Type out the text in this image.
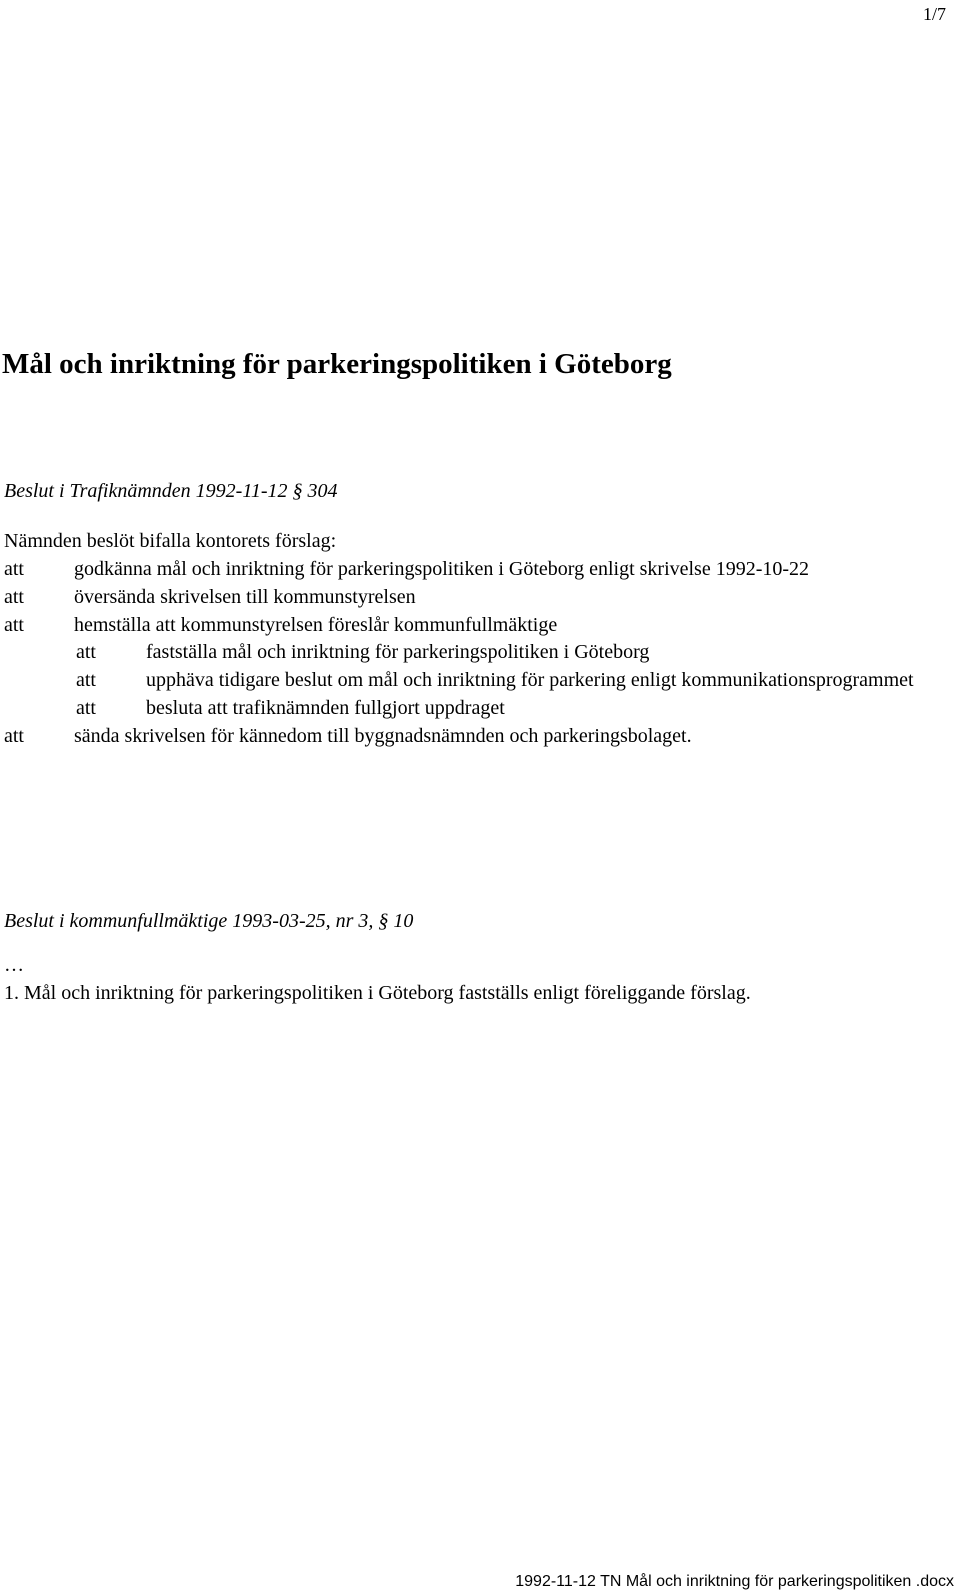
1/7
Mål och inriktning för parkeringspolitiken i Göteborg
Beslut i Trafiknämnden 1992-11-12 § 304
Nämnden beslöt bifalla kontorets förslag:
att	godkänna mål och inriktning för parkeringspolitiken i Göteborg enligt skrivelse 1992-10-22
att	översända skrivelsen till kommunstyrelsen
att	hemställa att kommunstyrelsen föreslår kommunfullmäktige
att	fastställa mål och inriktning för parkeringspolitiken i Göteborg
att	upphäva tidigare beslut om mål och inriktning för parkering enligt kommunikationsprogrammet
att	besluta att trafiknämnden fullgjort uppdraget
att	sända skrivelsen för kännedom till byggnadsnämnden och parkeringsbolaget.
Beslut i kommunfullmäktige 1993-03-25, nr 3, § 10
…
1. Mål och inriktning för parkeringspolitiken i Göteborg fastställs enligt föreliggande förslag.
1992-11-12 TN Mål och inriktning för parkeringspolitiken .docx
